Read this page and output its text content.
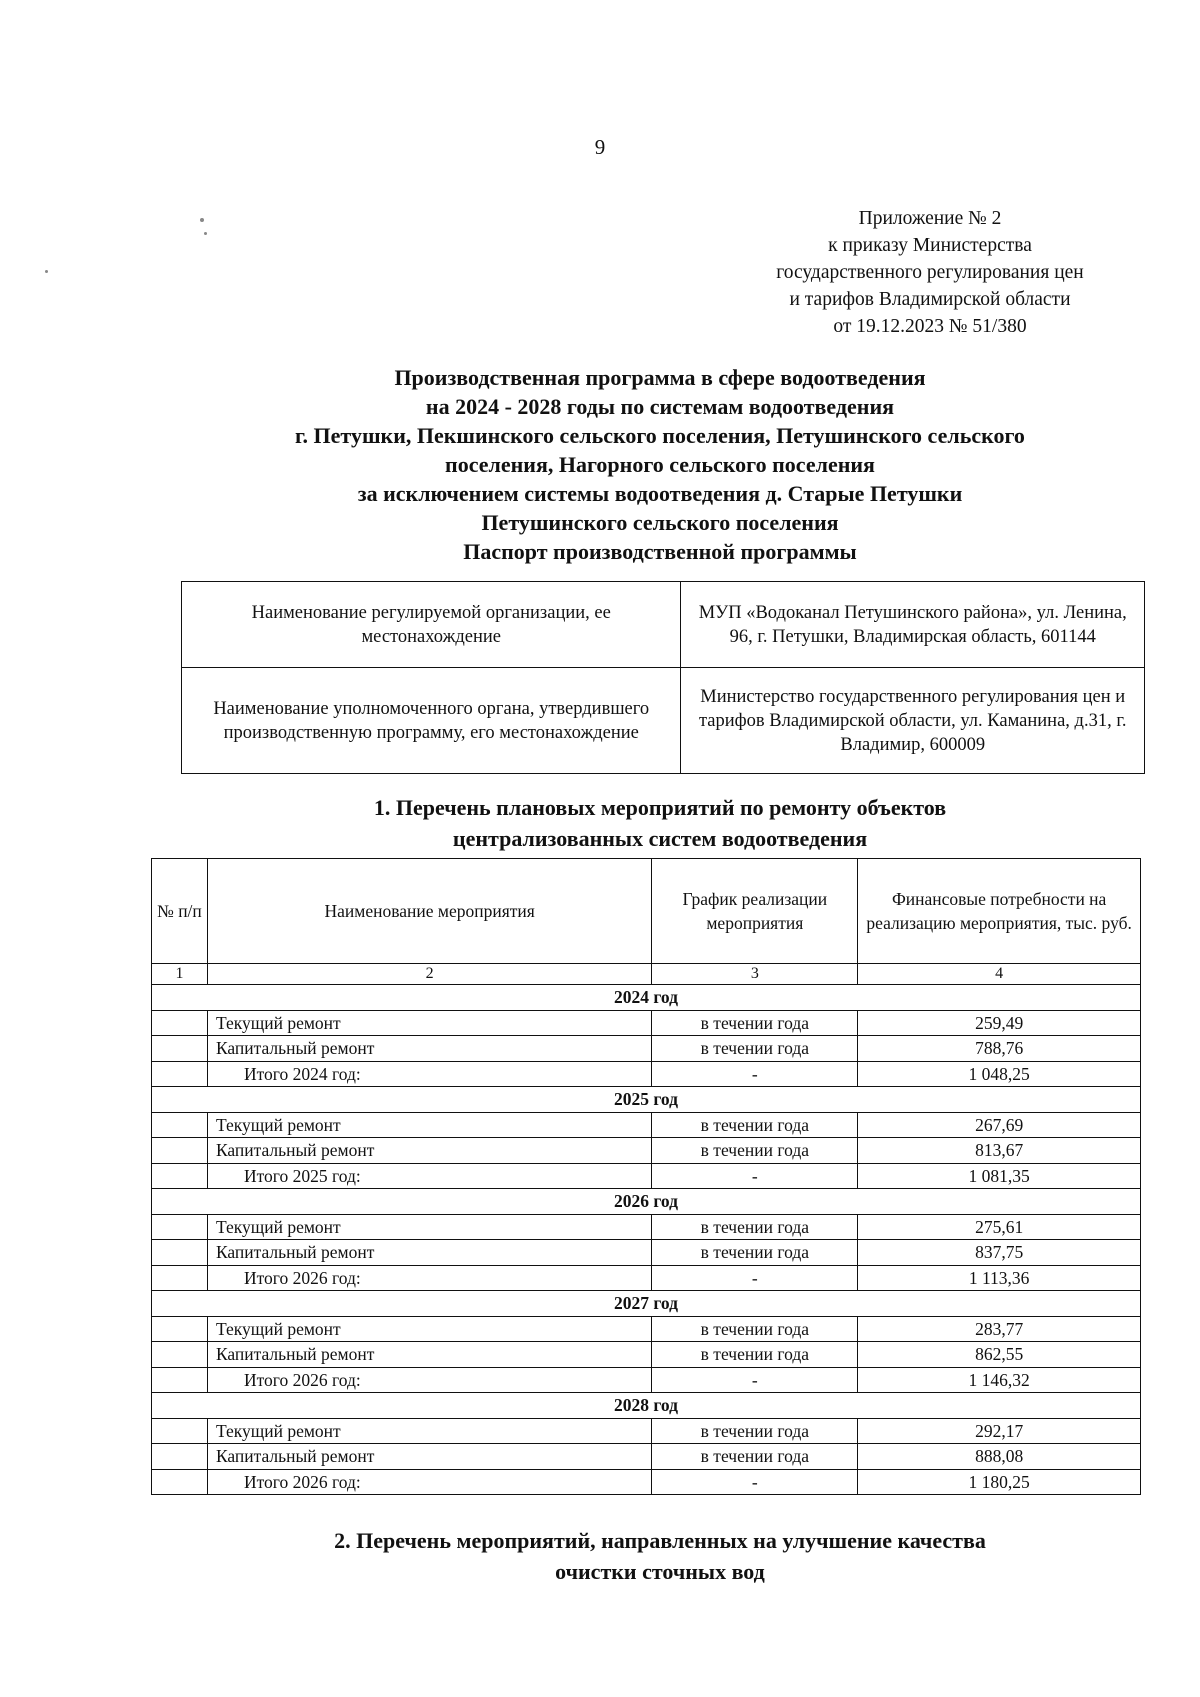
9
Приложение № 2
к приказу Министерства
государственного регулирования цен
и тарифов Владимирской области
от 19.12.2023 № 51/380
Производственная программа в сфере водоотведения
на 2024 - 2028 годы по системам водоотведения
г. Петушки, Пекшинского сельского поселения, Петушинского сельского
поселения, Нагорного сельского поселения
за исключением системы водоотведения д. Старые Петушки
Петушинского сельского поселения
Паспорт производственной программы
Наименование регулируемой организации, ее местонахождение	МУП «Водоканал Петушинского района», ул. Ленина, 96, г. Петушки, Владимирская область, 601144
Наименование уполномоченного органа, утвердившего производственную программу, его местонахождение	Министерство государственного регулирования цен и тарифов Владимирской области, ул. Каманина, д.31, г. Владимир, 600009
1. Перечень плановых мероприятий по ремонту объектов
централизованных систем водоотведения
№ п/п	Наименование мероприятия	График реализации мероприятия	Финансовые потребности на реализацию мероприятия, тыс. руб.
1	2	3	4
2024 год			
	Текущий ремонт	в течении года	259,49
	Капитальный ремонт	в течении года	788,76
	Итого 2024 год:	-	1 048,25
2025 год			
	Текущий ремонт	в течении года	267,69
	Капитальный ремонт	в течении года	813,67
	Итого 2025 год:	-	1 081,35
2026 год			
	Текущий ремонт	в течении года	275,61
	Капитальный ремонт	в течении года	837,75
	Итого 2026 год:	-	1 113,36
2027 год			
	Текущий ремонт	в течении года	283,77
	Капитальный ремонт	в течении года	862,55
	Итого 2026 год:	-	1 146,32
2028 год			
	Текущий ремонт	в течении года	292,17
	Капитальный ремонт	в течении года	888,08
	Итого 2026 год:	-	1 180,25
2. Перечень мероприятий, направленных на улучшение качества
очистки сточных вод
